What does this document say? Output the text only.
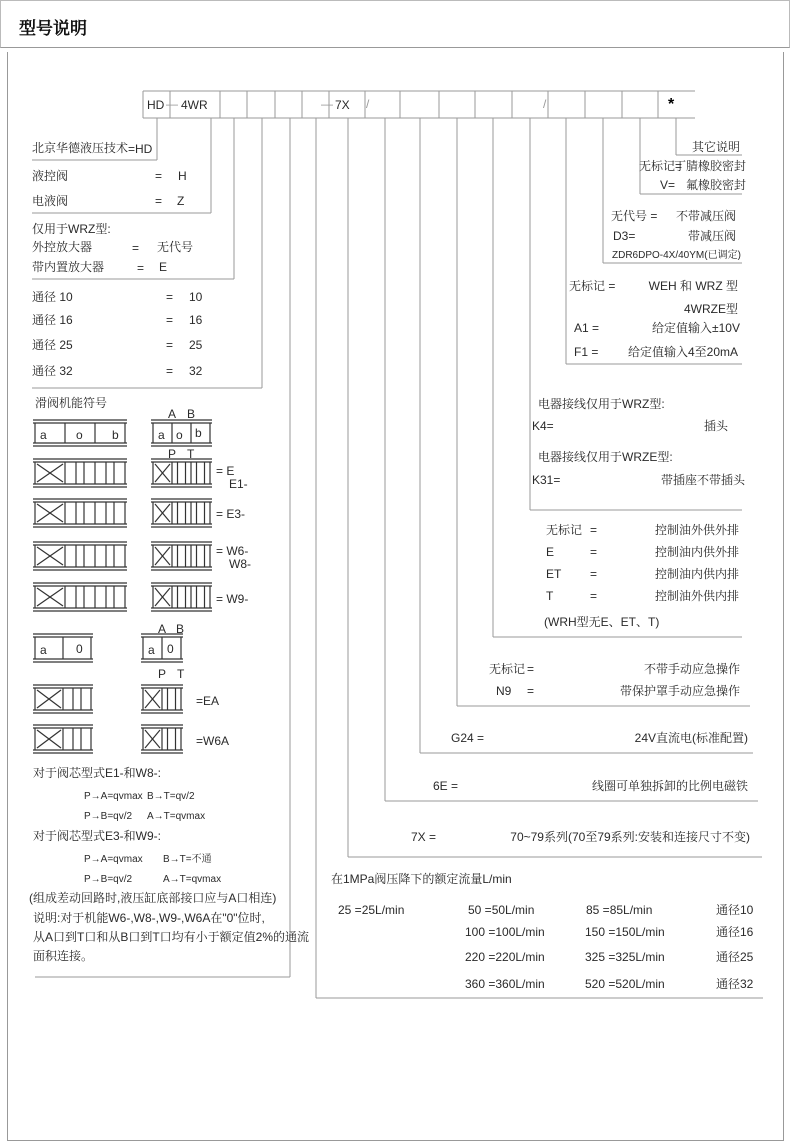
型号说明
HD — 4WR	— 7X /	/	*
北京华德液压技术 =HD
液控阀	= H
电液阀	= Z
仅用于WRZ型:
外控放大器	= 无代号
带内置放大器	= E
通径 10	= 10
通径 16	= 16
通径 25	= 25
通径 32	= 32
滑阀机能符号
a o b	a o b
a 0	a 0
A B
P T
A B
P T
= E
E1-
= E3-
= W6-
W8-
= W9-
=EA
=W6A
对于阀芯型式E1-和W8-:
P→A=qvmax B→T=qv/2
P→B=qv/2 A→T=qvmax
对于阀芯型式E3-和W9-:
P→A=qvmax B→T=不通
P→B=qv/2	A→T=qvmax
(组成差动回路时,液压缸底部接口应与A口相连)
说明:对于机能W6-,W8-,W9-,W6A在"0"位时,
从A口到T口和从B口到T口均有小于额定值2%的通流
面积连接。
其它说明
无标记=
丁腈橡胶密封
V= 氟橡胶密封
无代号 = 不带减压阀
D3=	带减压阀
ZDR6DPO-4X/40YM(已调定)
无标记 =	WEH 和 WRZ 型
4WRZE型
A1 =	给定值输入±10V
F1 = 给定值输入4至20mA
电器接线仅用于WRZ型:
K4=	插头
电器接线仅用于WRZE型:
K31=	带插座不带插头
无标记 =	控制油外供外排
E	=	控制油内供外排
ET =	控制油内供内排
T	=	控制油外供内排
(WRH型无E、ET、T)
无标记 =	不带手动应急操作
N9 =	带保护罩手动应急操作
G24 =	24V直流电(标准配置)
6E =	线圈可单独拆卸的比例电磁铁
7X =	70~79系列(70至79系列:安装和连接尺寸不变)
在1MPa阀压降下的额定流量L/min
25 =25L/min	50 =50L/min	85 =85L/min	通径10
100 =100L/min	150 =150L/min	通径16
220 =220L/min	325 =325L/min	通径25
360 =360L/min	520 =520L/min	通径32
